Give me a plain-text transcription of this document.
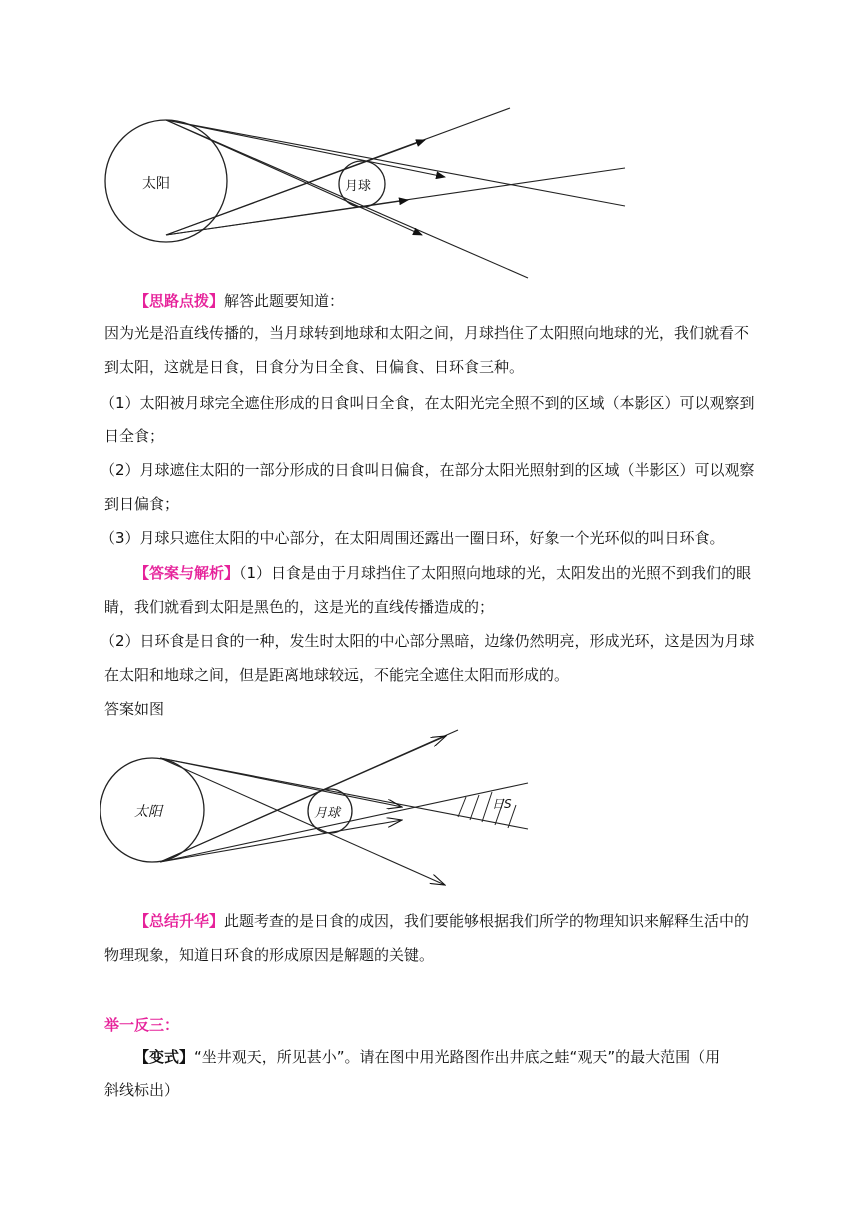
太阳	月球
【思路点拨】解答此题要知道：
因为光是沿直线传播的，当月球转到地球和太阳之间，月球挡住了太阳照向地球的光，我们就看不
到太阳，这就是日食，日食分为日全食、日偏食、日环食三种。
（1）太阳被月球完全遮住形成的日食叫日全食，在太阳光完全照不到的区域（本影区）可以观察到
日全食；
（2）月球遮住太阳的一部分形成的日食叫日偏食，在部分太阳光照射到的区域（半影区）可以观察
到日偏食；
（3）月球只遮住太阳的中心部分，在太阳周围还露出一圈日环，好象一个光环似的叫日环食。
【答案与解析】（1）日食是由于月球挡住了太阳照向地球的光，太阳发出的光照不到我们的眼
睛，我们就看到太阳是黑色的，这是光的直线传播造成的；
（2）日环食是日食的一种，发生时太阳的中心部分黑暗，边缘仍然明亮，形成光环，这是因为月球
在太阳和地球之间，但是距离地球较远，不能完全遮住太阳而形成的。
答案如图
太阳	月球
日S
【总结升华】此题考查的是日食的成因，我们要能够根据我们所学的物理知识来解释生活中的
物理现象，知道日环食的形成原因是解题的关键。
举一反三：
【变式】“坐井观天，所见甚小”。请在图中用光路图作出井底之蛙“观天”的最大范围（用
斜线标出）
